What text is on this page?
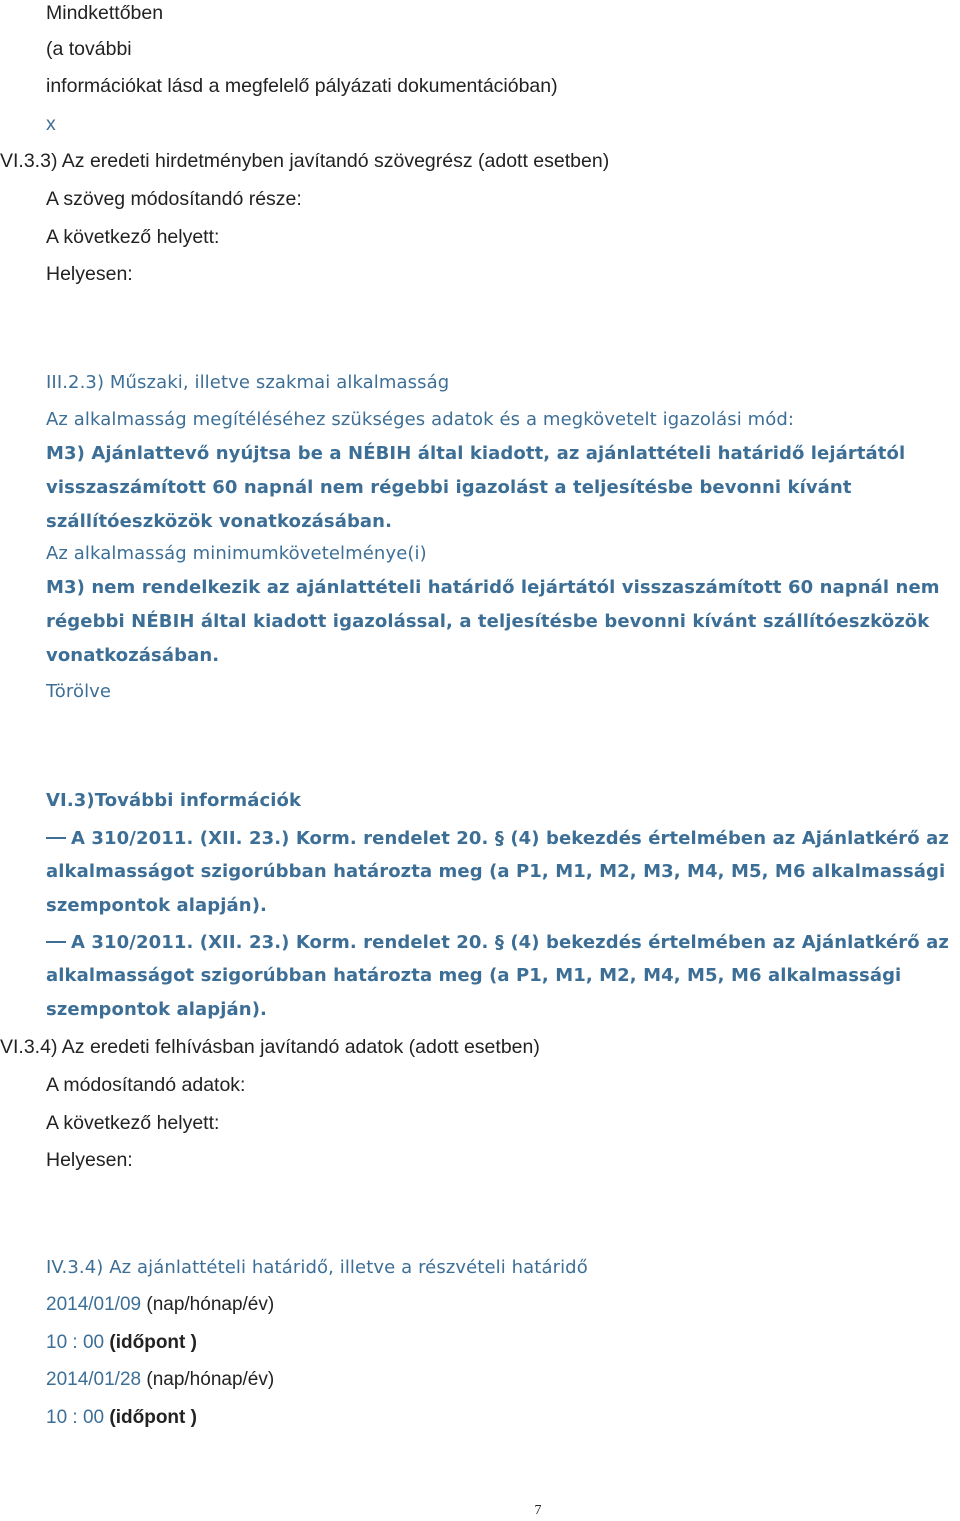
Mindkettőben
(a további
információkat lásd a megfelelő pályázati dokumentációban)
x
VI.3.3) Az eredeti hirdetményben javítandó szövegrész (adott esetben)
A szöveg módosítandó része:
A következő helyett:
Helyesen:
III.2.3) Műszaki, illetve szakmai alkalmasság
Az alkalmasság megítéléséhez szükséges adatok és a megkövetelt igazolási mód:
M3) Ajánlattevő nyújtsa be a NÉBIH által kiadott, az ajánlattételi határidő lejártától
visszaszámított 60 napnál nem régebbi igazolást a teljesítésbe bevonni kívánt
szállítóeszközök vonatkozásában.
Az alkalmasság minimumkövetelménye(i)
M3) nem rendelkezik az ajánlattételi határidő lejártától visszaszámított 60 napnál nem
régebbi NÉBIH által kiadott igazolással, a teljesítésbe bevonni kívánt szállítóeszközök
vonatkozásában.
Törölve
VI.3)További információk
A 310/2011. (XII. 23.) Korm. rendelet 20. § (4) bekezdés értelmében az Ajánlatkérő az
alkalmasságot szigorúbban határozta meg (a P1, M1, M2, M3, M4, M5, M6 alkalmassági
szempontok alapján).
A 310/2011. (XII. 23.) Korm. rendelet 20. § (4) bekezdés értelmében az Ajánlatkérő az
alkalmasságot szigorúbban határozta meg (a P1, M1, M2, M4, M5, M6 alkalmassági
szempontok alapján).
VI.3.4) Az eredeti felhívásban javítandó adatok (adott esetben)
A módosítandó adatok:
A következő helyett:
Helyesen:
IV.3.4) Az ajánlattételi határidő, illetve a részvételi határidő
2014/01/09 (nap/hónap/év)
10 : 00 (időpont )
2014/01/28 (nap/hónap/év)
10 : 00 (időpont )
7
